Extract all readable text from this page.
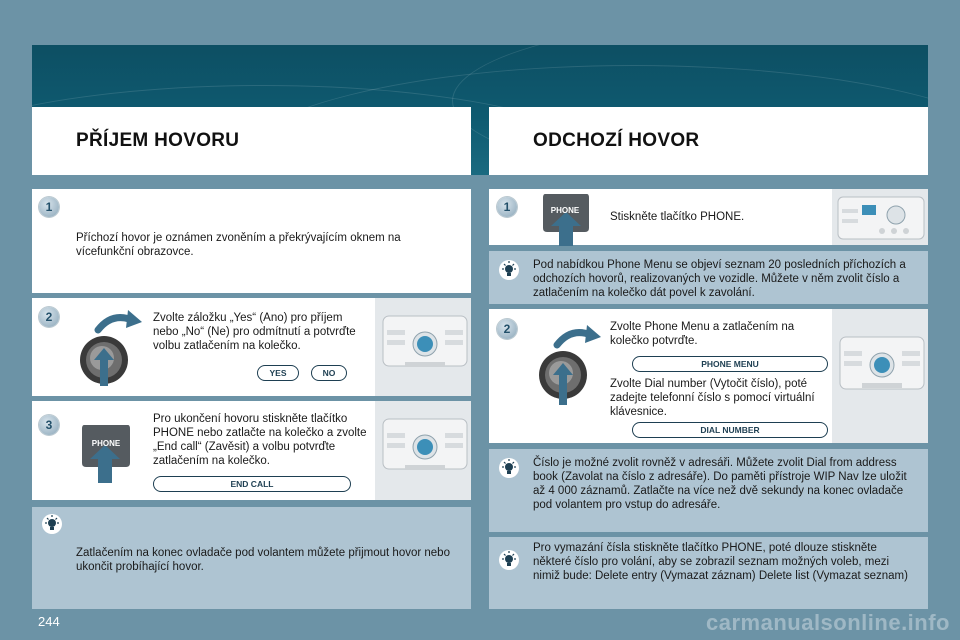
PŘÍJEM HOVORU	ODCHOZÍ HOVOR
1
Příchozí hovor je oznámen zvoněním a překrývajícím oknem na vícefunkční obrazovce.
2	Zvolte záložku „Yes“ (Ano) pro příjem nebo „No“ (Ne) pro odmítnutí a potvrďte volbu zatlačením na kolečko.
YES	NO
3
PHONE
Pro ukončení hovoru stiskněte tlačítko PHONE nebo zatlačte na kolečko a zvolte „End call“ (Zavěsit) a volbu potvrďte zatlačením na kolečko.
END CALL
Zatlačením na konec ovladače pod volantem můžete přijmout hovor nebo ukončit probíhající hovor.
1	PHONE
Stiskněte tlačítko PHONE.
Pod nabídkou Phone Menu se objeví seznam 20 posledních příchozích a odchozích hovorů, realizovaných ve vozidle. Můžete v něm zvolit číslo a zatlačením na kolečko dát povel k zavolání.
2	Zvolte Phone Menu a zatlačením na kolečko potvrďte.
PHONE MENU
Zvolte Dial number (Vytočit číslo), poté zadejte telefonní číslo s pomocí virtuální klávesnice.
DIAL NUMBER
Číslo je možné zvolit rovněž v adresáři. Můžete zvolit Dial from address book (Zavolat na číslo z adresáře). Do paměti přístroje WIP Nav lze uložit až 4 000 záznamů. Zatlačte na více než dvě sekundy na konec ovladače pod volantem pro vstup do adresáře.
Pro vymazání čísla stiskněte tlačítko PHONE, poté dlouze stiskněte některé číslo pro volání, aby se zobrazil seznam možných voleb, mezi nimiž bude: Delete entry (Vymazat záznam) Delete list (Vymazat seznam)
244	carmanualsonline.info
